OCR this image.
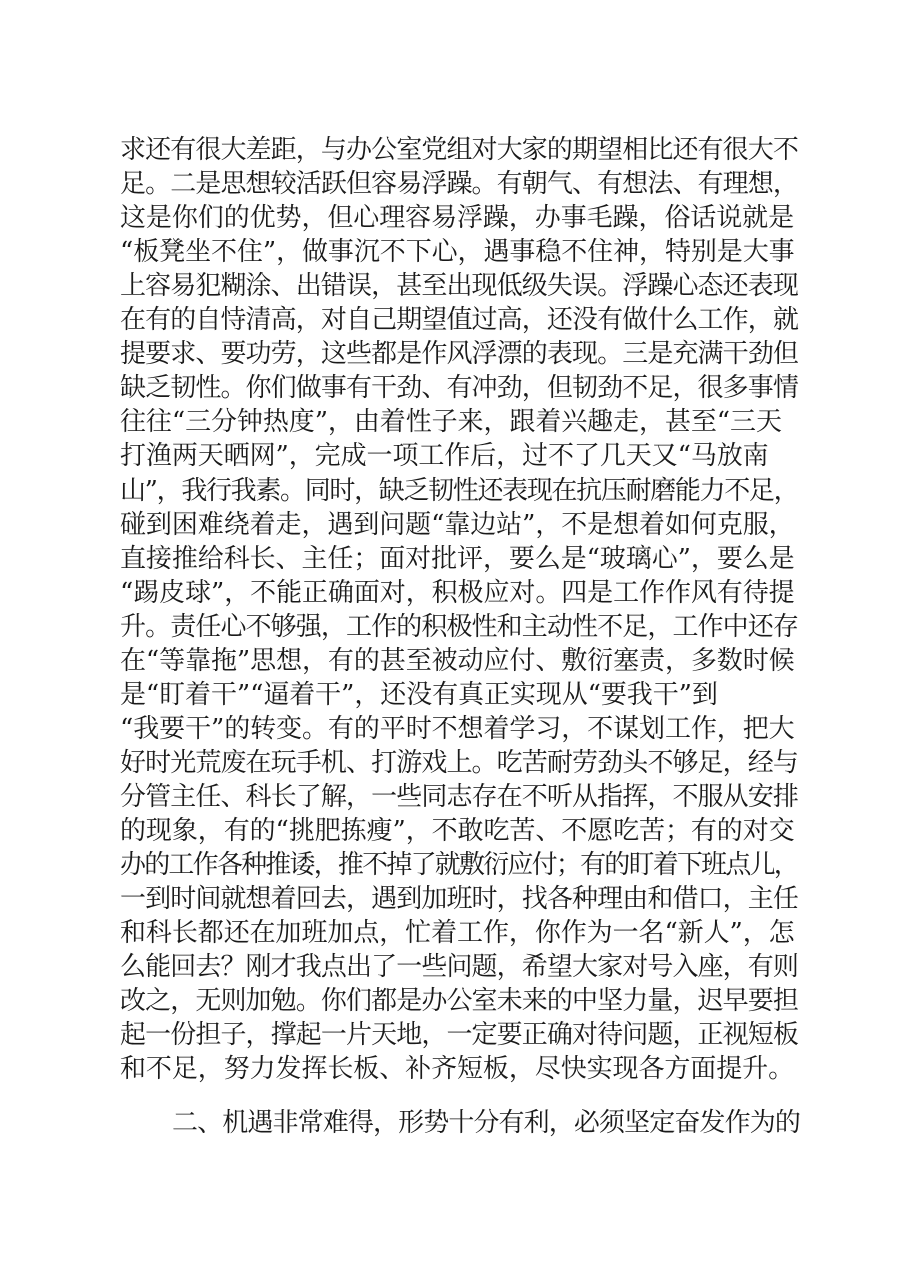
求还有很大差距，与办公室党组对大家的期望相比还有很大不
足。二是思想较活跃但容易浮躁。有朝气、有想法、有理想，
这是你们的优势，但心理容易浮躁，办事毛躁，俗话说就是
“板凳坐不住”，做事沉不下心，遇事稳不住神，特别是大事
上容易犯糊涂、出错误，甚至出现低级失误。浮躁心态还表现
在有的自恃清高，对自己期望值过高，还没有做什么工作，就
提要求、要功劳，这些都是作风浮漂的表现。三是充满干劲但
缺乏韧性。你们做事有干劲、有冲劲，但韧劲不足，很多事情
往往“三分钟热度”，由着性子来，跟着兴趣走，甚至“三天
打渔两天晒网”，完成一项工作后，过不了几天又“马放南
山”，我行我素。同时，缺乏韧性还表现在抗压耐磨能力不足，
碰到困难绕着走，遇到问题“靠边站”，不是想着如何克服，
直接推给科长、主任；面对批评，要么是“玻璃心”，要么是
“踢皮球”，不能正确面对，积极应对。四是工作作风有待提
升。责任心不够强，工作的积极性和主动性不足，工作中还存
在“等靠拖”思想，有的甚至被动应付、敷衍塞责，多数时候
是“盯着干”“逼着干”，还没有真正实现从“要我干”到
“我要干”的转变。有的平时不想着学习，不谋划工作，把大
好时光荒废在玩手机、打游戏上。吃苦耐劳劲头不够足，经与
分管主任、科长了解，一些同志存在不听从指挥，不服从安排
的现象，有的“挑肥拣瘦”，不敢吃苦、不愿吃苦；有的对交
办的工作各种推诿，推不掉了就敷衍应付；有的盯着下班点儿，
一到时间就想着回去，遇到加班时，找各种理由和借口，主任
和科长都还在加班加点，忙着工作，你作为一名“新人”，怎
么能回去？刚才我点出了一些问题，希望大家对号入座，有则
改之，无则加勉。你们都是办公室未来的中坚力量，迟早要担
起一份担子，撑起一片天地，一定要正确对待问题，正视短板
和不足，努力发挥长板、补齐短板，尽快实现各方面提升。
二、机遇非常难得，形势十分有利，必须坚定奋发作为的
